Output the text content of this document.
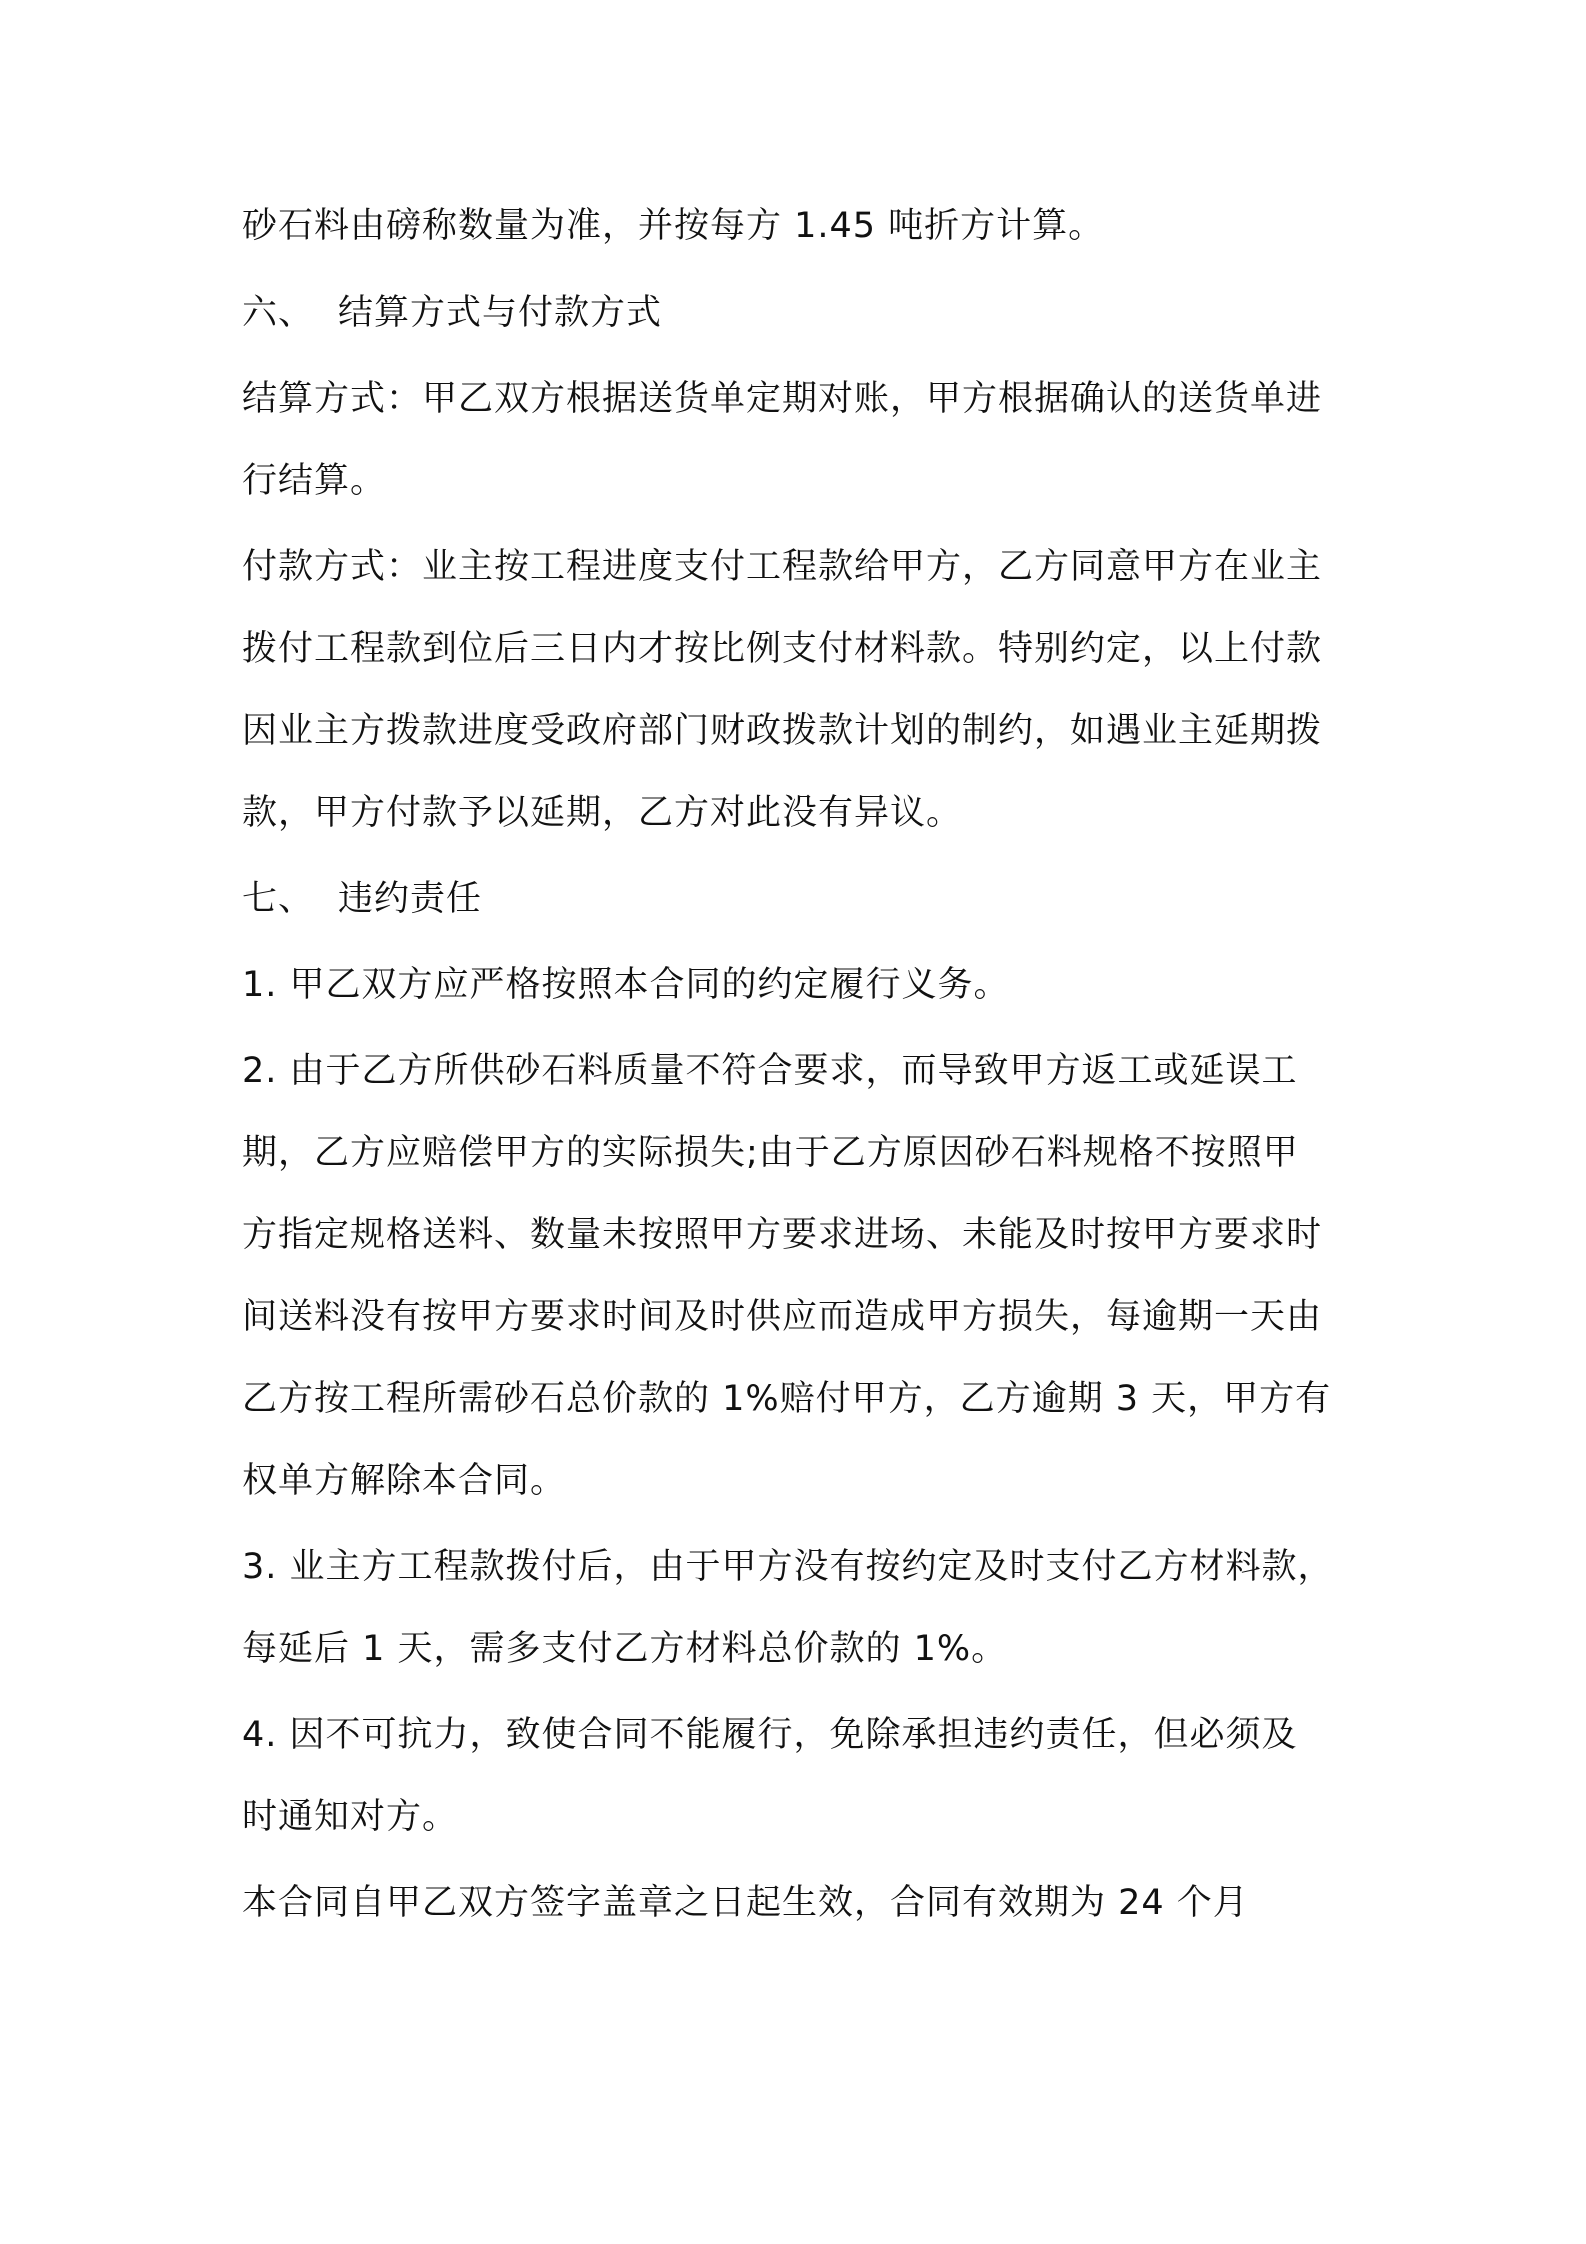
砂石料由磅称数量为准，并按每方 1.45 吨折方计算。
六、 结算方式与付款方式
结算方式：甲乙双方根据送货单定期对账，甲方根据确认的送货单进
行结算。
付款方式：业主按工程进度支付工程款给甲方，乙方同意甲方在业主
拨付工程款到位后三日内才按比例支付材料款。特别约定，以上付款
因业主方拨款进度受政府部门财政拨款计划的制约，如遇业主延期拨
款，甲方付款予以延期，乙方对此没有异议。
七、 违约责任
1. 甲乙双方应严格按照本合同的约定履行义务。
2. 由于乙方所供砂石料质量不符合要求，而导致甲方返工或延误工
期，乙方应赔偿甲方的实际损失;由于乙方原因砂石料规格不按照甲
方指定规格送料、数量未按照甲方要求进场、未能及时按甲方要求时
间送料没有按甲方要求时间及时供应而造成甲方损失，每逾期一天由
乙方按工程所需砂石总价款的 1%赔付甲方，乙方逾期 3 天，甲方有
权单方解除本合同。
3. 业主方工程款拨付后，由于甲方没有按约定及时支付乙方材料款，
每延后 1 天，需多支付乙方材料总价款的 1%。
4. 因不可抗力，致使合同不能履行，免除承担违约责任，但必须及
时通知对方。
本合同自甲乙双方签字盖章之日起生效，合同有效期为 24 个月
